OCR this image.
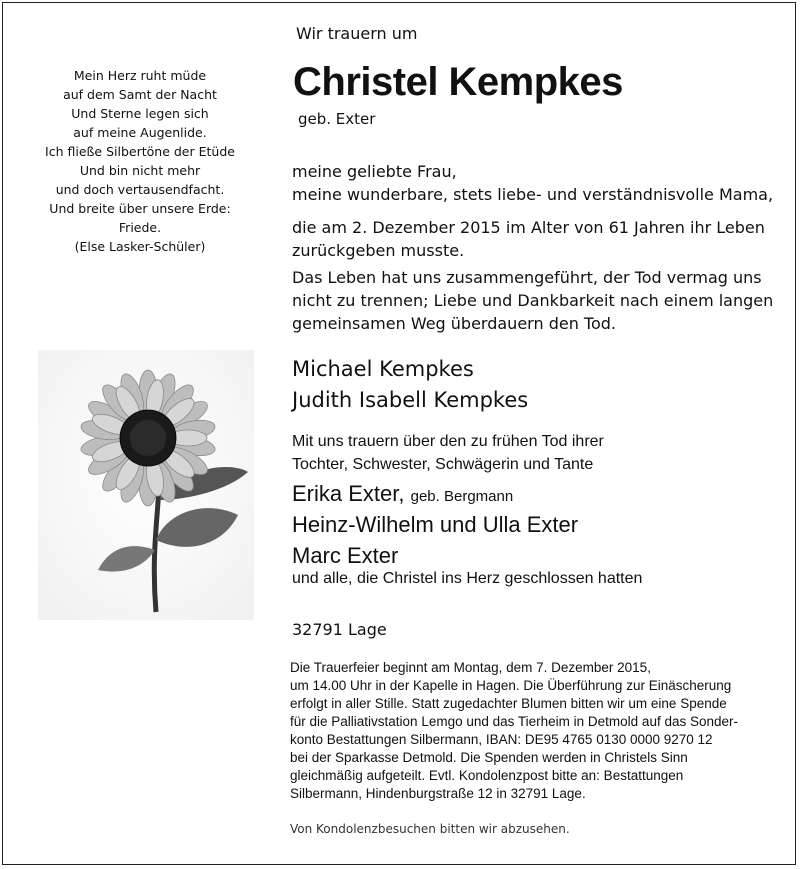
Mein Herz ruht müde
auf dem Samt der Nacht
Und Sterne legen sich
auf meine Augenlide.
Ich fließe Silbertöne der Etüde
Und bin nicht mehr
und doch vertausendfacht.
Und breite über unsere Erde:
Friede.
(Else Lasker-Schüler)
Wir trauern um
Christel Kempkes
geb. Exter
meine geliebte Frau,
meine wunderbare, stets liebe- und verständnisvolle Mama,
die am 2. Dezember 2015 im Alter von 61 Jahren ihr Leben
zurückgeben musste.
Das Leben hat uns zusammengeführt, der Tod vermag uns
nicht zu trennen; Liebe und Dankbarkeit nach einem langen
gemeinsamen Weg überdauern den Tod.
Michael Kempkes
Judith Isabell Kempkes
Mit uns trauern über den zu frühen Tod ihrer
Tochter, Schwester, Schwägerin und Tante
Erika Exter, geb. Bergmann
Heinz-Wilhelm und Ulla Exter
Marc Exter
und alle, die Christel ins Herz geschlossen hatten
32791 Lage
Die Trauerfeier beginnt am Montag, dem 7. Dezember 2015,
um 14.00 Uhr in der Kapelle in Hagen. Die Überführung zur Einäscherung
erfolgt in aller Stille. Statt zugedachter Blumen bitten wir um eine Spende
für die Palliativstation Lemgo und das Tierheim in Detmold auf das Sonder-
konto Bestattungen Silbermann, IBAN: DE95 4765 0130 0000 9270 12
bei der Sparkasse Detmold. Die Spenden werden in Christels Sinn
gleichmäßig aufgeteilt. Evtl. Kondolenzpost bitte an: Bestattungen
Silbermann, Hindenburgstraße 12 in 32791 Lage.
Von Kondolenzbesuchen bitten wir abzusehen.
